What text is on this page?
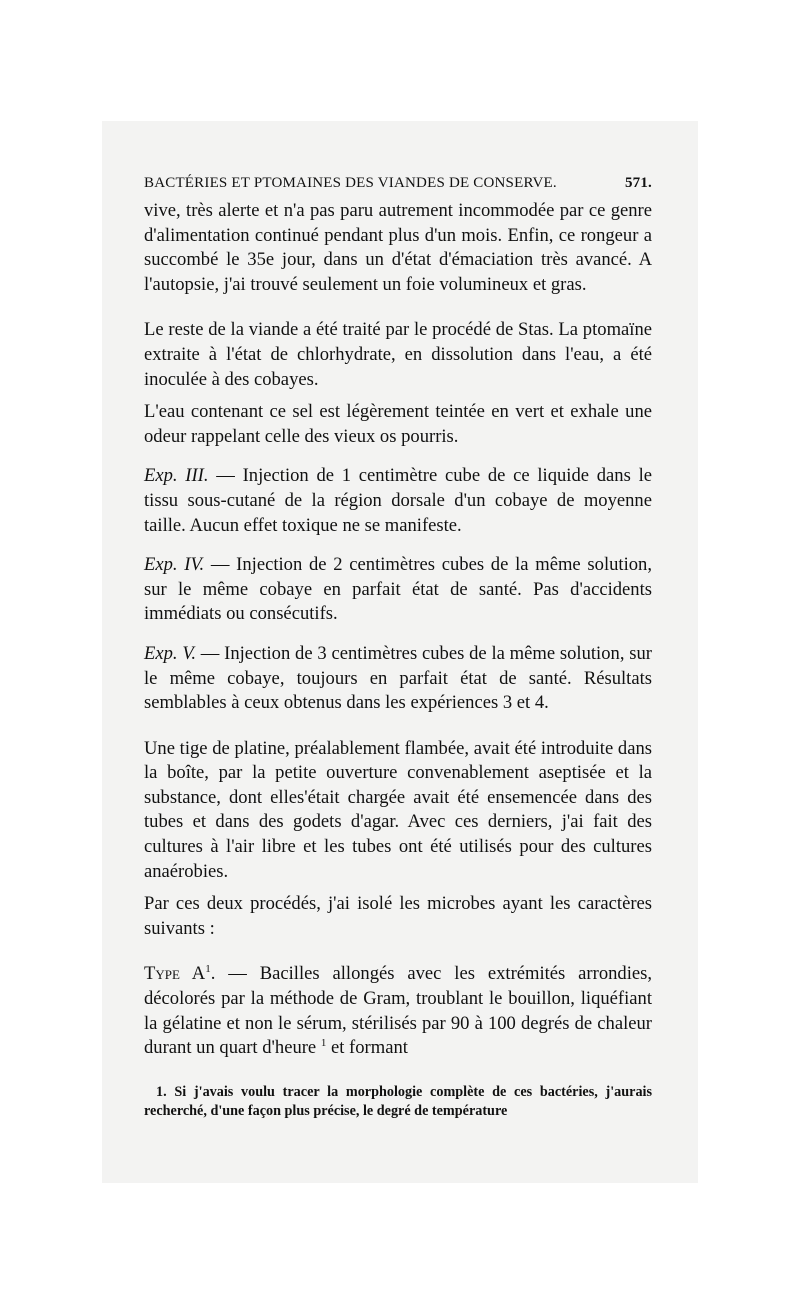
BACTÉRIES ET PTOMAINES DES VIANDES DE CONSERVE.	571.

vive, très alerte et n'a pas paru autrement incommodée par ce genre d'alimentation continué pendant plus d'un mois. Enfin, ce rongeur a succombé le 35e jour, dans un d'état d'émaciation très avancé. A l'autopsie, j'ai trouvé seulement un foie volumineux et gras.

Le reste de la viande a été traité par le procédé de Stas. La ptomaïne extraite à l'état de chlorhydrate, en dissolution dans l'eau, a été inoculée à des cobayes.

L'eau contenant ce sel est légèrement teintée en vert et exhale une odeur rappelant celle des vieux os pourris.

Exp. III. — Injection de 1 centimètre cube de ce liquide dans le tissu sous-cutané de la région dorsale d'un cobaye de moyenne taille. Aucun effet toxique ne se manifeste.

Exp. IV. — Injection de 2 centimètres cubes de la même solution, sur le même cobaye en parfait état de santé. Pas d'accidents immédiats ou consécutifs.

Exp. V. — Injection de 3 centimètres cubes de la même solution, sur le même cobaye, toujours en parfait état de santé. Résultats semblables à ceux obtenus dans les expériences 3 et 4.

Une tige de platine, préalablement flambée, avait été introduite dans la boîte, par la petite ouverture convenablement aseptisée et la substance, dont elles'était chargée avait été ensemencée dans des tubes et dans des godets d'agar. Avec ces derniers, j'ai fait des cultures à l'air libre et les tubes ont été utilisés pour des cultures anaérobies.

Par ces deux procédés, j'ai isolé les microbes ayant les caractères suivants :

Type $A^1$. — Bacilles allongés avec les extrémités arrondies, décolorés par la méthode de Gram, troublant le bouillon, liquéfiant la gélatine et non le sérum, stérilisés par 90 à 100 degrés de chaleur durant un quart d'heure $^1$ et formant

1. Si j'avais voulu tracer la morphologie complète de ces bactéries, j'aurais recherché, d'une façon plus précise, le degré de température
